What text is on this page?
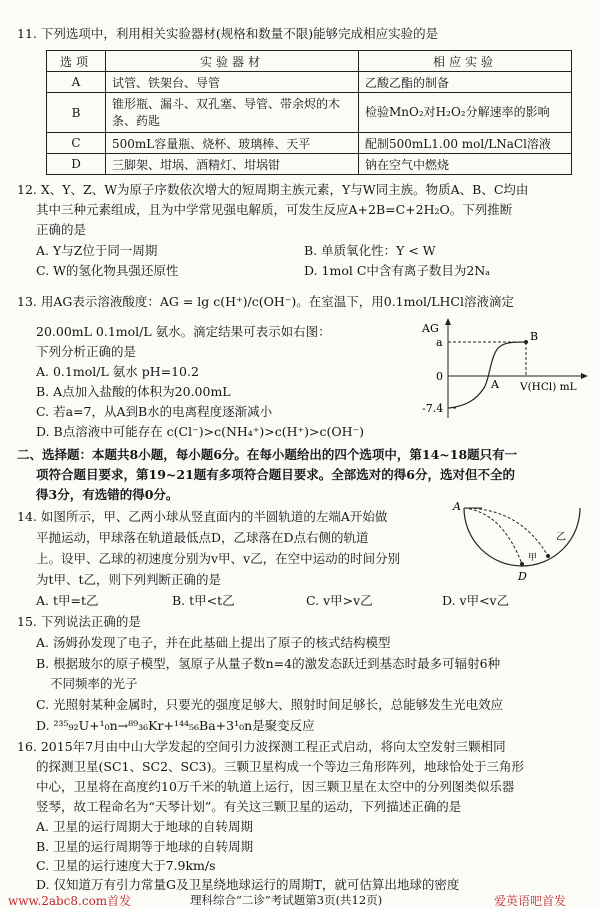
11. 下列选项中，利用相关实验器材(规格和数量不限)能够完成相应实验的是
选项	实验器材	相应实验
A	试管、铁架台、导管	乙酸乙酯的制备
B	锥形瓶、漏斗、双孔塞、导管、带余烬的木条、药匙	检验MnO₂对H₂O₂分解速率的影响
C	500mL容量瓶、烧杯、玻璃棒、天平	配制500mL1.00 mol/LNaCl溶液
D	三脚架、坩埚、酒精灯、坩埚钳	钠在空气中燃烧
12. X、Y、Z、W为原子序数依次增大的短周期主族元素，Y与W同主族。物质A、B、C均由
其中三种元素组成，且为中学常见强电解质，可发生反应A+2B=C+2H₂O。下列推断
正确的是
A. Y与Z位于同一周期	B. 单质氧化性：Y < W
C. W的氢化物具强还原性	D. 1mol C中含有离子数目为2Nₐ
13. 用AG表示溶液酸度：AG = lg c(H⁺)/c(OH⁻)。在室温下，用0.1mol/LHCl溶液滴定
20.00mL 0.1mol/L 氨水。滴定结果可表示如右图：
下列分析正确的是
A. 0.1mol/L 氨水 pH=10.2
B. A点加入盐酸的体积为20.00mL
C. 若a=7，从A到B水的电离程度逐渐减小
D. B点溶液中可能存在 c(Cl⁻)>c(NH₄⁺)>c(H⁺)>c(OH⁻)
AG
a
0
-7.4
A
B
V(HCl) mL
二、选择题：本题共8小题，每小题6分。在每小题给出的四个选项中，第14~18题只有一
项符合题目要求，第19~21题有多项符合题目要求。全部选对的得6分，选对但不全的
得3分，有选错的得0分。
14. 如图所示，甲、乙两小球从竖直面内的半圆轨道的左端A开始做
平抛运动，甲球落在轨道最低点D，乙球落在D点右侧的轨道
上。设甲、乙球的初速度分别为v甲、v乙，在空中运动的时间分别
为t甲、t乙，则下列判断正确的是
A. t甲=t乙	B. t甲<t乙	C. v甲>v乙	D. v甲<v乙
A
D
甲
乙
15. 下列说法正确的是
A. 汤姆孙发现了电子，并在此基础上提出了原子的核式结构模型
B. 根据玻尔的原子模型，氢原子从量子数n=4的激发态跃迁到基态时最多可辐射6种
不同频率的光子
C. 光照射某种金属时，只要光的强度足够大、照射时间足够长，总能够发生光电效应
D. ²³⁵₉₂U+¹₀n→⁸⁹₃₆Kr+¹⁴⁴₅₆Ba+3¹₀n是聚变反应
16. 2015年7月由中山大学发起的空间引力波探测工程正式启动，将向太空发射三颗相同
的探测卫星(SC1、SC2、SC3)。三颗卫星构成一个等边三角形阵列，地球恰处于三角形
中心，卫星将在高度约10万千米的轨道上运行，因三颗卫星在太空中的分列图类似乐器
竖琴，故工程命名为“天琴计划”。有关这三颗卫星的运动，下列描述正确的是
A. 卫星的运行周期大于地球的自转周期
B. 卫星的运行周期等于地球的自转周期
C. 卫星的运行速度大于7.9km/s
D. 仅知道万有引力常量G及卫星绕地球运行的周期T，就可估算出地球的密度
www.2abc8.com首发	理科综合“二诊”考试题第3页(共12页)	爱英语吧首发
